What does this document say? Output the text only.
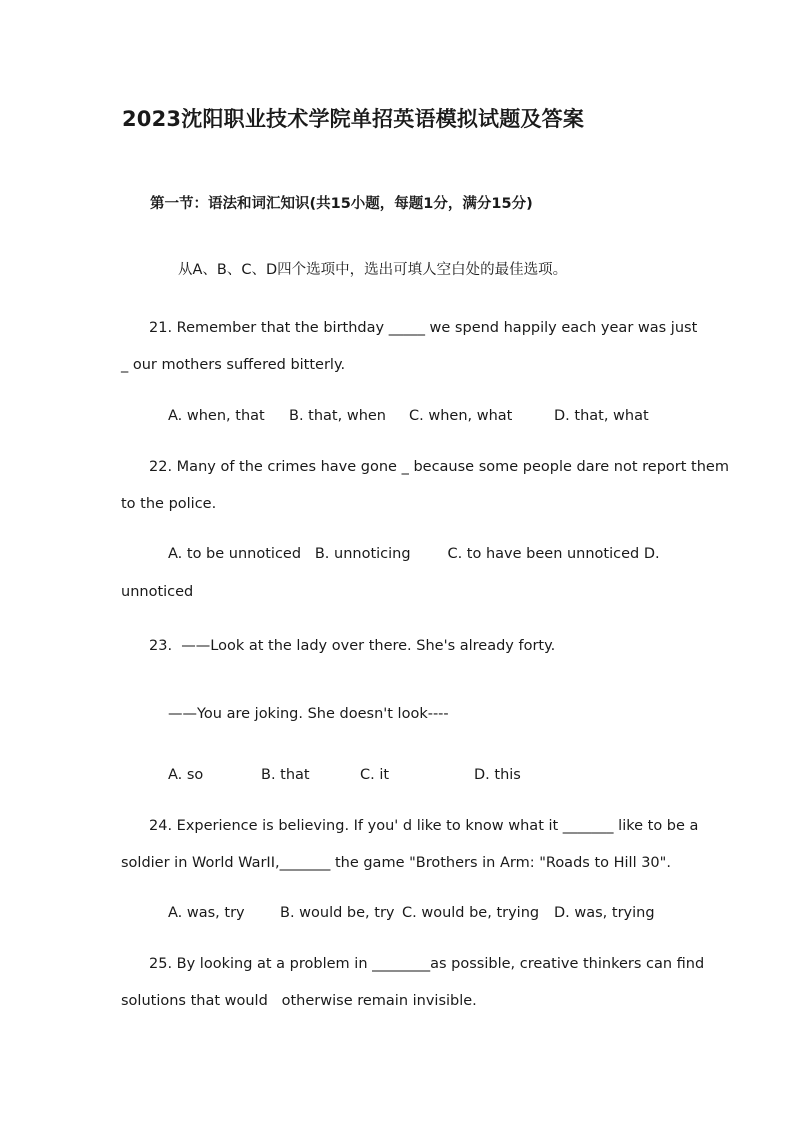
2023沈阳职业技术学院单招英语模拟试题及答案
第一节：语法和词汇知识(共15小题，每题1分，满分15分)
从A、B、C、D四个选项中，选出可填人空白处的最佳选项。
21. Remember that the birthday _____ we spend happily each year was just
_ our mothers suffered bitterly.
A. when, that B. that, when C. when, what	D. that, what
22. Many of the crimes have gone _ because some people dare not report them
to the police.
A. to be unnoticed   B. unnoticing        C. to have been unnoticed D.
unnoticed
23.  ——Look at the lady over there. She's already forty.
——You are joking. She doesn't look----
A. so	B. that	C. it	D. this
24. Experience is believing. If you' d like to know what it _______ like to be a
soldier in World WarII,_______ the game "Brothers in Arm: "Roads to Hill 30".
A. was, try B. would be, try C. would be, trying D. was, trying
25. By looking at a problem in ________as possible, creative thinkers can find
solutions that would   otherwise remain invisible.
